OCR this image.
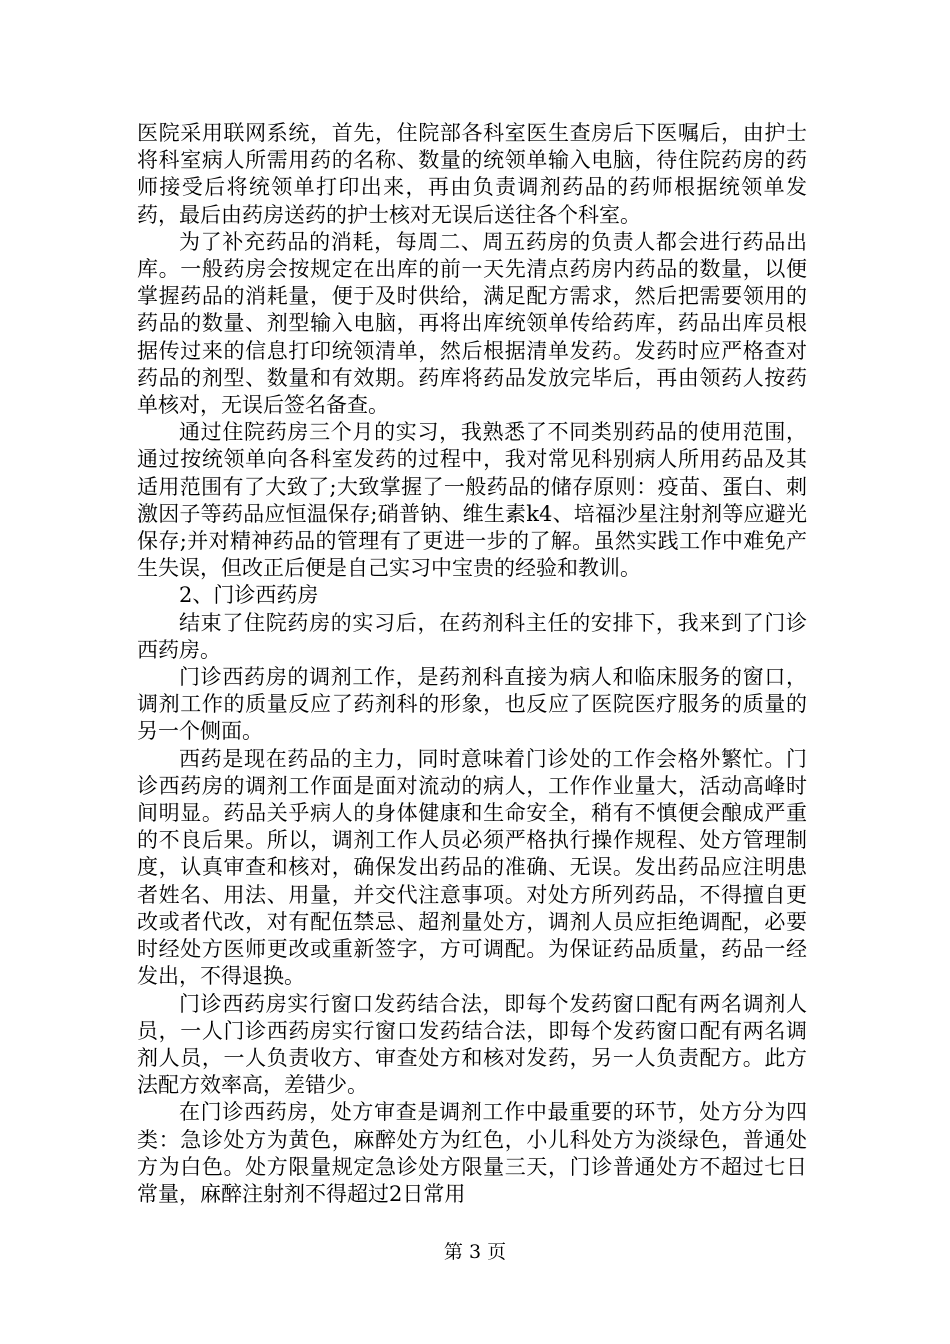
医院采用联网系统，首先，住院部各科室医生查房后下医嘱后，由护士将科室病人所需用药的名称、数量的统领单输入电脑，待住院药房的药师接受后将统领单打印出来，再由负责调剂药品的药师根据统领单发药，最后由药房送药的护士核对无误后送往各个科室。

为了补充药品的消耗，每周二、周五药房的负责人都会进行药品出库。一般药房会按规定在出库的前一天先清点药房内药品的数量，以便掌握药品的消耗量，便于及时供给，满足配方需求，然后把需要领用的药品的数量、剂型输入电脑，再将出库统领单传给药库，药品出库员根据传过来的信息打印统领清单，然后根据清单发药。发药时应严格查对药品的剂型、数量和有效期。药库将药品发放完毕后，再由领药人按药单核对，无误后签名备查。

通过住院药房三个月的实习，我熟悉了不同类别药品的使用范围，通过按统领单向各科室发药的过程中，我对常见科别病人所用药品及其适用范围有了大致了;大致掌握了一般药品的储存原则：疫苗、蛋白、刺激因子等药品应恒温保存;硝普钠、维生素k4、培福沙星注射剂等应避光保存;并对精神药品的管理有了更进一步的了解。虽然实践工作中难免产生失误，但改正后便是自己实习中宝贵的经验和教训。

2、门诊西药房

结束了住院药房的实习后，在药剂科主任的安排下，我来到了门诊西药房。

门诊西药房的调剂工作，是药剂科直接为病人和临床服务的窗口，调剂工作的质量反应了药剂科的形象，也反应了医院医疗服务的质量的另一个侧面。

西药是现在药品的主力，同时意味着门诊处的工作会格外繁忙。门诊西药房的调剂工作面是面对流动的病人，工作作业量大，活动高峰时间明显。药品关乎病人的身体健康和生命安全，稍有不慎便会酿成严重的不良后果。所以，调剂工作人员必须严格执行操作规程、处方管理制度，认真审查和核对，确保发出药品的准确、无误。发出药品应注明患者姓名、用法、用量，并交代注意事项。对处方所列药品，不得擅自更改或者代改，对有配伍禁忌、超剂量处方，调剂人员应拒绝调配，必要时经处方医师更改或重新签字，方可调配。为保证药品质量，药品一经发出，不得退换。

门诊西药房实行窗口发药结合法，即每个发药窗口配有两名调剂人员，一人门诊西药房实行窗口发药结合法，即每个发药窗口配有两名调剂人员，一人负责收方、审查处方和核对发药，另一人负责配方。此方法配方效率高，差错少。

在门诊西药房，处方审查是调剂工作中最重要的环节，处方分为四类：急诊处方为黄色，麻醉处方为红色，小儿科处方为淡绿色，普通处方为白色。处方限量规定急诊处方限量三天，门诊普通处方不超过七日常量，麻醉注射剂不得超过2日常用

第 3 页
